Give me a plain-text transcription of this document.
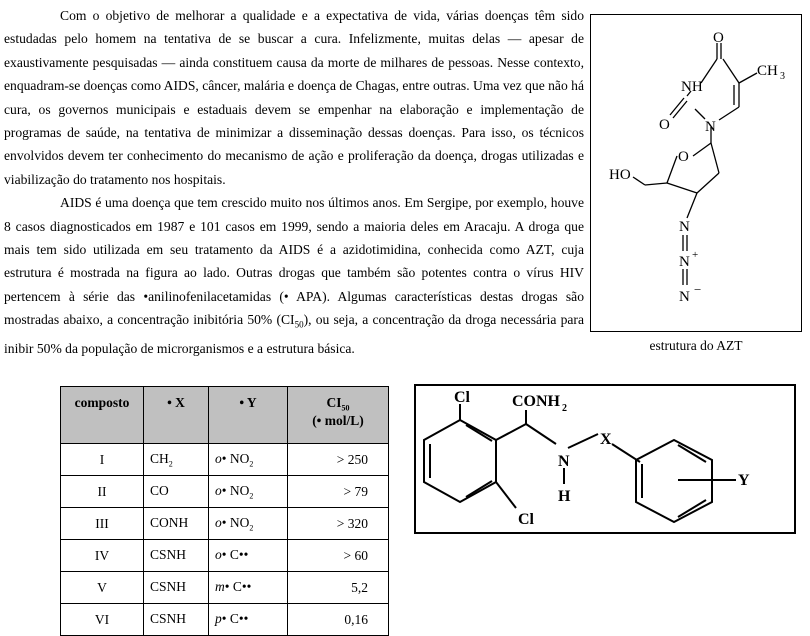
Com o objetivo de melhorar a qualidade e a expectativa de vida, várias doenças têm sido estudadas pelo homem na tentativa de se buscar a cura. Infelizmente, muitas delas — apesar de exaustivamente pesquisadas — ainda constituem causa da morte de milhares de pessoas. Nesse contexto, enquadram-se doenças como AIDS, câncer, malária e doença de Chagas, entre outras. Uma vez que não há cura, os governos municipais e estaduais devem se empenhar na elaboração e implementação de programas de saúde, na tentativa de minimizar a disseminação dessas doenças. Para isso, os técnicos envolvidos devem ter conhecimento do mecanismo de ação e proliferação da doença, drogas utilizadas e viabilização do tratamento nos hospitais.

AIDS é uma doença que tem crescido muito nos últimos anos. Em Sergipe, por exemplo, houve 8 casos diagnosticados em 1987 e 101 casos em 1999, sendo a maioria deles em Aracaju. A droga que mais tem sido utilizada em seu tratamento da AIDS é a azidotimidina, conhecida como AZT, cuja estrutura é mostrada na figura ao lado. Outras drogas que também são potentes contra o vírus HIV pertencem à série das •anilinofenilacetamidas (• APA). Algumas características destas drogas são mostradas abaixo, a concentração inibitória 50% $(CI_{50})$, ou seja, a concentração da droga necessária para inibir 50% da população de microrganismos e a estrutura básica.

O
CH 3
NH
O N
O
HO
N
N +
N −
estrutura do AZT
composto	• X	• Y	$CI_{50}$
(• mol/L)
I	$CH_2$	o• $NO_2$	> 250
II	CO	o• $NO_2$	> 79
III	CONH	o• $NO_2$	> 320
IV	CSNH	o• C••	> 60
V	CSNH	m• C••	5,2
VI	CSNH	p• C••	0,16
Cl	CONH 2
X
N
H
Cl
Y
